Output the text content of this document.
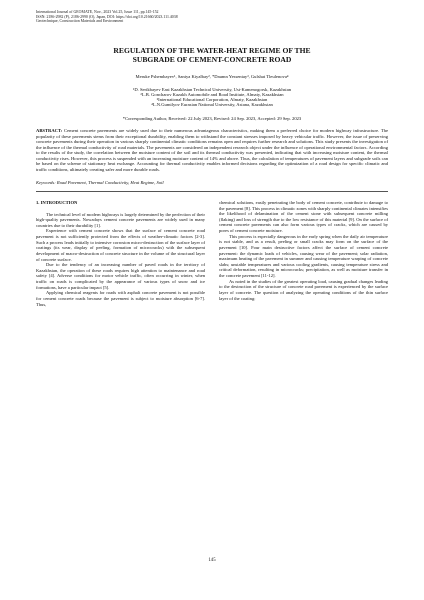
International Journal of GEOMATE, Nov., 2023 Vol.25, Issue 111, pp.145-152
ISSN: 2186-2982 (P), 2186-2990 (O), Japan, DOI: https://doi.org/10.21660/2023.111.4038
Geotechnique, Construction Materials and Environment
REGULATION OF THE WATER-HEAT REGIME OF THE
SUBGRADE OF CEMENT-CONCRETE ROAD
Meruke Pshembayev¹, Saniya Kiyalbay², *Daumn Yessentay³, Gulshat Tleulenova⁴
¹D. Serikbayev East Kazakhstan Technical University, Ust-Kamenogorsk, Kazakhstan
²L.B. Goncharov Kazakh Automobile and Road Institute, Almaty, Kazakhstan
³International Educational Corporation, Almaty, Kazakhstan
⁴L.N.Gumilyov Eurasian National University, Astana, Kazakhstan
*Corresponding Author, Received: 22 July 2023, Revised: 24 Sep. 2023, Accepted: 29 Sep. 2023
ABSTRACT: Cement concrete pavements are widely used due to their numerous advantageous characteristics, making them a preferred choice for modern highway infrastructure. The popularity of these pavements stems from their exceptional durability, enabling them to withstand the constant stresses imposed by heavy vehicular traffic. However, the issue of preserving concrete pavements during their operation in various sharply continental climatic conditions remains open and requires further research and solutions. This study presents the investigation of the influence of the thermal conductivity of road materials. The pavements are considered an independent research object under the influence of operational environmental factors. According to the results of the study, the correlation between the moisture content of the soil and its thermal conductivity was presented, indicating that with increasing moisture content, the thermal conductivity rises. However, this process is suspended with an increasing moisture content of 14% and above. Thus, the calculation of temperatures of pavement layers and subgrade soils can be based on the scheme of stationary heat exchange. Accounting for thermal conductivity enables informed decisions regarding the optimization of a road design for specific climatic and traffic conditions, ultimately creating safer and more durable roads.
Keywords: Road Pavement, Thermal Conductivity, Heat Regime, Soil
1. INTRODUCTION

The technical level of modern highways is largely determined by the perfection of their high-quality pavements. Nowadays cement concrete pavements are widely used in many countries due to their durability [1].

Experience with cement concrete shows that the surface of cement concrete road pavement is not sufficiently protected from the effects of weather-climatic factors [2-3]. Such a process leads initially to intensive corrosion micro-destruction of the surface layer of coatings (its wear, display of peeling, formation of microcracks) with the subsequent development of macro-destruction of concrete structure in the volume of the structural layer of concrete surface.

Due to the tendency of an increasing number of paved roads in the territory of Kazakhstan, the operation of these roads requires high attention to maintenance and road safety [4]. Adverse conditions for motor vehicle traffic, often occurring in winter, when traffic on roads is complicated by the appearance of various types of snow and ice formations, have a particular impact [5].

Applying chemical reagents for roads with asphalt concrete pavement is not possible for cement concrete roads because the pavement is subject to moisture absorption [6-7]. Thus,

chemical solutions, easily penetrating the body of cement concrete, contribute to damage to the pavement [8]. This process in climatic zones with sharply continental climates intensifies the likelihood of delamination of the cement stone with subsequent concrete milling (flaking) and loss of strength due to the low resistance of this material [9]. On the surface of cement concrete pavements can also form various types of cracks, which are caused by pores of cement concrete moisture.

This process is especially dangerous in the early spring when the daily air temperature is not stable, and as a result, peeling or small cracks may form on the surface of the pavement [10]. Four main destructive factors affect the surface of cement concrete pavement: the dynamic loads of vehicles, causing wear of the pavement; solar radiation, maximum heating of the pavement in summer and causing temperature warping of concrete slabs; unstable temperatures and various cooling gradients, causing temperature stress and critical deformation, resulting in microcracks; precipitation, as well as moisture transfer in the concrete pavement [11-12].

As noted in the studies of the greatest operating load, causing gradual changes leading to the destruction of the structure of concrete road pavement is experienced by the surface layer of concrete. The question of analyzing the operating conditions of the thin surface layer of the coating:

145
